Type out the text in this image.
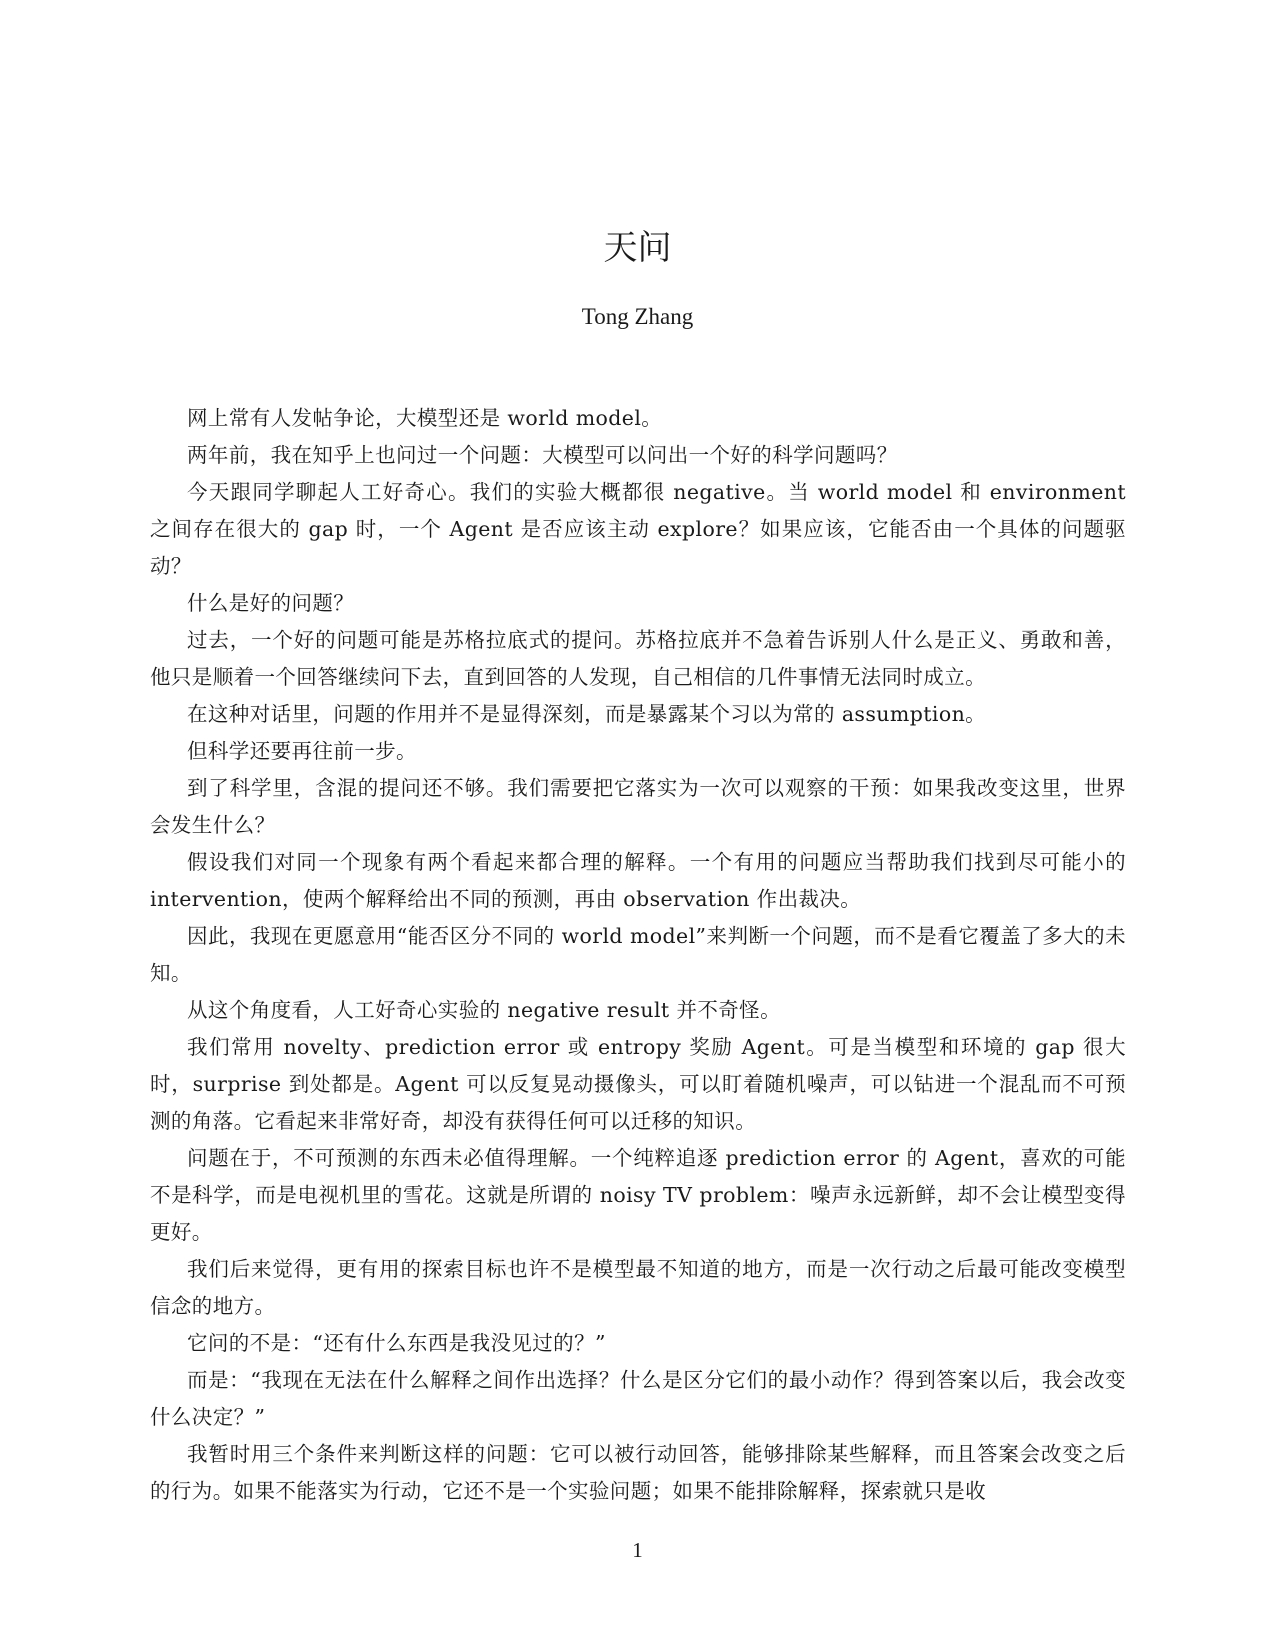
天问
Tong Zhang

网上常有人发帖争论，大模型还是 world model。

两年前，我在知乎上也问过一个问题：大模型可以问出一个好的科学问题吗？

今天跟同学聊起人工好奇心。我们的实验大概都很 negative。当 world model 和 environment 之间存在很大的 gap 时，一个 Agent 是否应该主动 explore？如果应该，它能否由一个具体的问题驱动？

什么是好的问题？

过去，一个好的问题可能是苏格拉底式的提问。苏格拉底并不急着告诉别人什么是正义、勇敢和善，他只是顺着一个回答继续问下去，直到回答的人发现，自己相信的几件事情无法同时成立。

在这种对话里，问题的作用并不是显得深刻，而是暴露某个习以为常的 assumption。

但科学还要再往前一步。

到了科学里，含混的提问还不够。我们需要把它落实为一次可以观察的干预：如果我改变这里，世界会发生什么？

假设我们对同一个现象有两个看起来都合理的解释。一个有用的问题应当帮助我们找到尽可能小的 intervention，使两个解释给出不同的预测，再由 observation 作出裁决。

因此，我现在更愿意用“能否区分不同的 world model”来判断一个问题，而不是看它覆盖了多大的未知。

从这个角度看，人工好奇心实验的 negative result 并不奇怪。

我们常用 novelty、prediction error 或 entropy 奖励 Agent。可是当模型和环境的 gap 很大时，surprise 到处都是。Agent 可以反复晃动摄像头，可以盯着随机噪声，可以钻进一个混乱而不可预测的角落。它看起来非常好奇，却没有获得任何可以迁移的知识。

问题在于，不可预测的东西未必值得理解。一个纯粹追逐 prediction error 的 Agent，喜欢的可能不是科学，而是电视机里的雪花。这就是所谓的 noisy TV problem：噪声永远新鲜，却不会让模型变得更好。

我们后来觉得，更有用的探索目标也许不是模型最不知道的地方，而是一次行动之后最可能改变模型信念的地方。

它问的不是：“还有什么东西是我没见过的？”

而是：“我现在无法在什么解释之间作出选择？什么是区分它们的最小动作？得到答案以后，我会改变什么决定？”

我暂时用三个条件来判断这样的问题：它可以被行动回答，能够排除某些解释，而且答案会改变之后的行为。如果不能落实为行动，它还不是一个实验问题；如果不能排除解释，探索就只是收

1
